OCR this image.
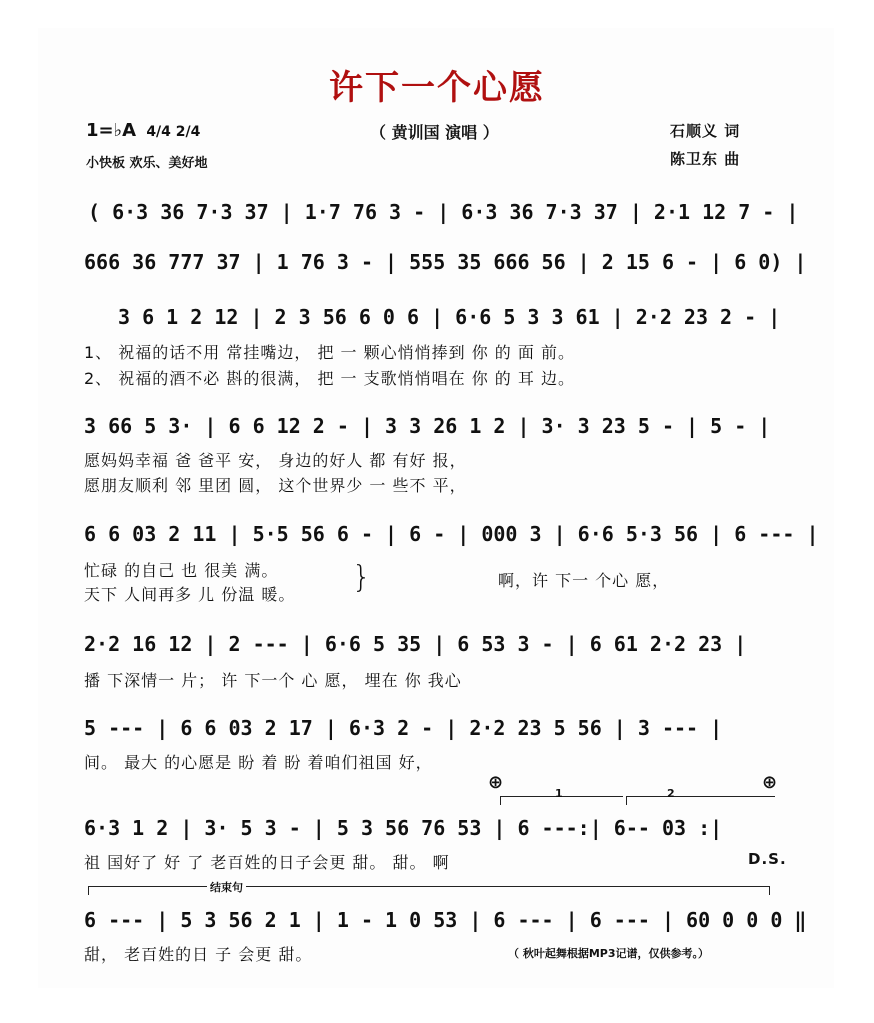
许下一个心愿
1=♭A 4/4 2/4
小快板 欢乐、美好地
（ 黄训国 演唱 ）	石顺义 词
陈卫东 曲
( 6·3 36 7·3 37 | 1·7 76 3 - | 6·3 36 7·3 37 | 2·1 12 7 - |
666 36 777 37 | 1 76 3 - | 555 35 666 56 | 2 15 6 - | 6 0) |
3 6 1 2 12 | 2 3 56 6 0 6 | 6·6 5 3 3 61 | 2·2 23 2 - |
1、 祝福的话不用 常挂嘴边， 把 一 颗心悄悄捧到 你 的 面 前。
2、 祝福的酒不必 斟的很满， 把 一 支歌悄悄唱在 你 的 耳 边。
3 66 5 3· | 6 6 12 2 - | 3 3 26 1 2 | 3· 3 23 5 - | 5 - |
愿妈妈幸福 爸 爸平 安， 身边的好人 都 有好 报，
愿朋友顺利 邻 里团 圆， 这个世界少 一 些不 平，
6 6 03 2 11 | 5·5 56 6 - | 6 - | 000 3 | 6·6 5·3 56 | 6 --- |
忙碌 的自己 也 很美 满。
天下 人间再多 儿 份温 暖。
啊，许 下一 个心 愿，
}
2·2 16 12 | 2 --- | 6·6 5 35 | 6 53 3 - | 6 61 2·2 23 |
播 下深情一 片； 许 下一个 心 愿， 埋在 你 我心
5 --- | 6 6 03 2 17 | 6·3 2 - | 2·2 23 5 56 | 3 --- |
间。 最大 的心愿是 盼 着 盼 着咱们祖国 好，
⊕	⊕
1	2
6·3 1 2 | 3· 5 3 - | 5 3 56 76 53 | 6 ---:| 6-- 03 :|
祖 国好了 好 了 老百姓的日子会更 甜。 甜。 啊	D.S.
结束句
6 --- | 5 3 56 2 1 | 1 - 1 0 53 | 6 --- | 6 --- | 60 0 0 0 ‖
甜， 老百姓的日 子 会更 甜。	（ 秋叶起舞根据MP3记谱，仅供参考。）
